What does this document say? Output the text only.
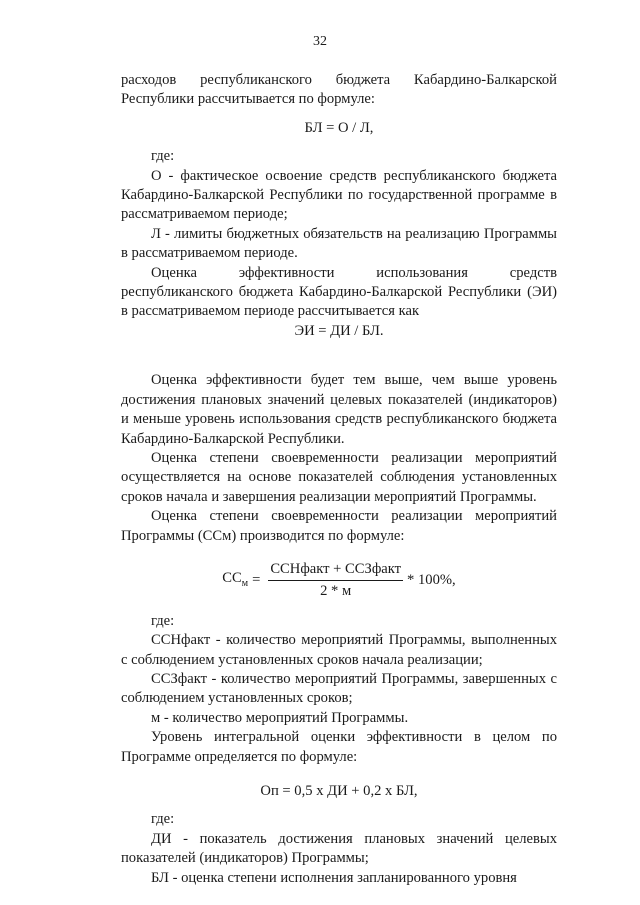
32

расходов республиканского бюджета Кабардино-Балкарской Республики рассчитывается по формуле:

БЛ = О / Л,

где:

О - фактическое освоение средств республиканского бюджета Кабардино-Балкарской Республики по государственной программе в рассматриваемом периоде;

Л - лимиты бюджетных обязательств на реализацию Программы в рассматриваемом периоде.

Оценка эффективности использования средств республиканского бюджета Кабардино-Балкарской Республики (ЭИ) в рассматриваемом периоде рассчитывается как

ЭИ = ДИ / БЛ.

Оценка эффективности будет тем выше, чем выше уровень достижения плановых значений целевых показателей (индикаторов) и меньше уровень использования средств республиканского бюджета Кабардино-Балкарской Республики.

Оценка степени своевременности реализации мероприятий осуществляется на основе показателей соблюдения установленных сроков начала и завершения реализации мероприятий Программы.

Оценка степени своевременности реализации мероприятий Программы (ССм) производится по формуле:

$СС_м = \frac{\text{ССНфакт + ССЗфакт}}{2 * м} * 100\%$,

где:

ССНфакт - количество мероприятий Программы, выполненных с соблюдением установленных сроков начала реализации;

ССЗфакт - количество мероприятий Программы, завершенных с соблюдением установленных сроков;

м - количество мероприятий Программы.

Уровень интегральной оценки эффективности в целом по Программе определяется по формуле:

Оп = 0,5 х ДИ + 0,2 х БЛ,

где:

ДИ - показатель достижения плановых значений целевых показателей (индикаторов) Программы;

БЛ - оценка степени исполнения запланированного уровня
